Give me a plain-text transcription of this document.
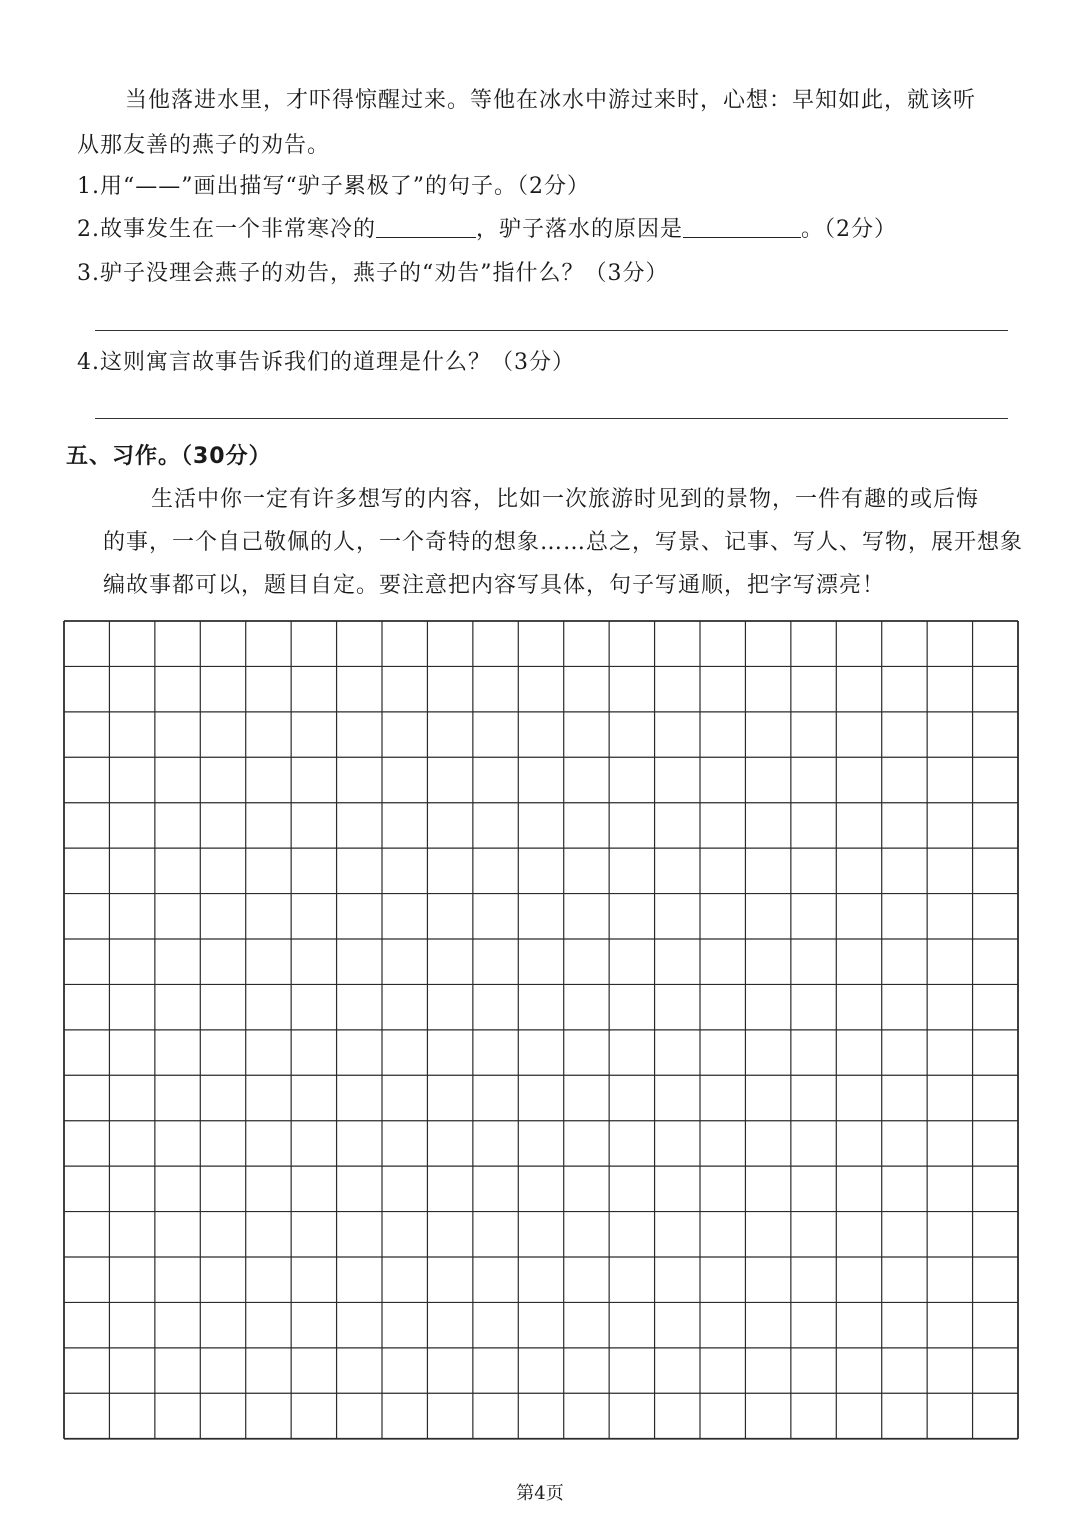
当他落进水里，才吓得惊醒过来。等他在冰水中游过来时，心想：早知如此，就该听
从那友善的燕子的劝告。
1.用“——”画出描写“驴子累极了”的句子。（2分）
2.故事发生在一个非常寒冷的	，驴子落水的原因是	。（2分）
3.驴子没理会燕子的劝告，燕子的“劝告”指什么？（3分）
4.这则寓言故事告诉我们的道理是什么？（3分）
五、习作。（30分）
生活中你一定有许多想写的内容，比如一次旅游时见到的景物，一件有趣的或后悔
的事，一个自己敬佩的人，一个奇特的想象……总之，写景、记事、写人、写物，展开想象
编故事都可以，题目自定。要注意把内容写具体，句子写通顺，把字写漂亮！
第4页
